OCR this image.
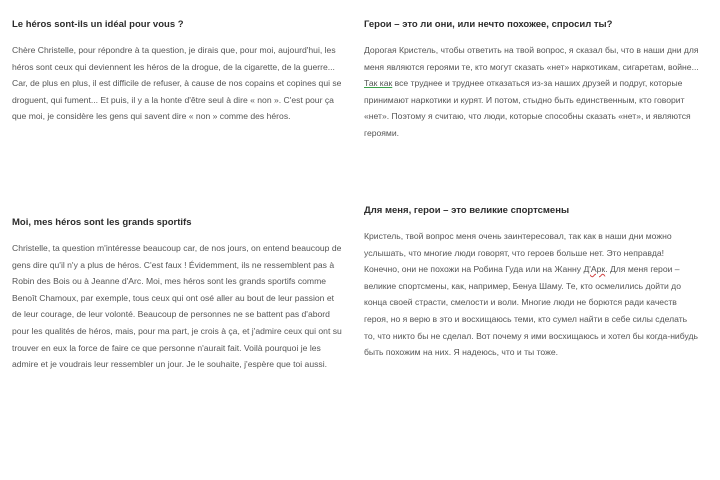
Le héros sont-ils un idéal pour vous ?

Chère Christelle, pour répondre à ta question, je dirais que, pour moi, aujourd'hui, les héros sont ceux qui deviennent les héros de la drogue, de la cigarette, de la guerre... Car, de plus en plus, il est difficile de refuser, à cause de nos copains et copines qui se droguent, qui fument... Et puis, il y a la honte d'être seul à dire « non ». C'est pour ça que moi, je considère les gens qui savent dire « non » comme des héros.

Moi, mes héros sont les grands sportifs

Christelle, ta question m'intéresse beaucoup car, de nos jours, on entend beaucoup de gens dire qu'il n'y a plus de héros. C'est faux ! Évidemment, ils ne ressemblent pas à Robin des Bois ou à Jeanne d'Arc. Moi, mes héros sont les grands sportifs comme Benoît Chamoux, par exemple, tous ceux qui ont osé aller au bout de leur passion et de leur courage, de leur volonté. Beaucoup de personnes ne se battent pas d'abord pour les qualités de héros, mais, pour ma part, je crois à ça, et j'admire ceux qui ont su trouver en eux la force de faire ce que personne n'aurait fait. Voilà pourquoi je les admire et je voudrais leur ressembler un jour. Je le souhaite, j'espère que toi aussi.

Герои – это ли они, или нечто похожее, спросил ты?

Дорогая Кристель, чтобы ответить на твой вопрос, я сказал бы, что в наши дни для меня являются героями те, кто могут сказать «нет» наркотикам, сигаретам, войне... Так как все труднее и труднее отказаться из-за наших друзей и подруг, которые принимают наркотики и курят. И потом, стыдно быть единственным, кто говорит «нет». Поэтому я считаю, что люди, которые способны сказать «нет», и являются героями.

Для меня, герои – это великие спортсмены

Кристель, твой вопрос меня очень заинтересовал, так как в наши дни можно услышать, что многие люди говорят, что героев больше нет. Это неправда! Конечно, они не похожи на Робина Гуда или на Жанну Д'Арк. Для меня герои – великие спортсмены, как, например, Бенуа Шаму. Те, кто осмелились дойти до конца своей страсти, смелости и воли. Многие люди не борются ради качеств героя, но я верю в это и восхищаюсь теми, кто сумел найти в себе силы сделать то, что никто бы не сделал. Вот почему я ими восхищаюсь и хотел бы когда-нибудь быть похожим на них. Я надеюсь, что и ты тоже.
